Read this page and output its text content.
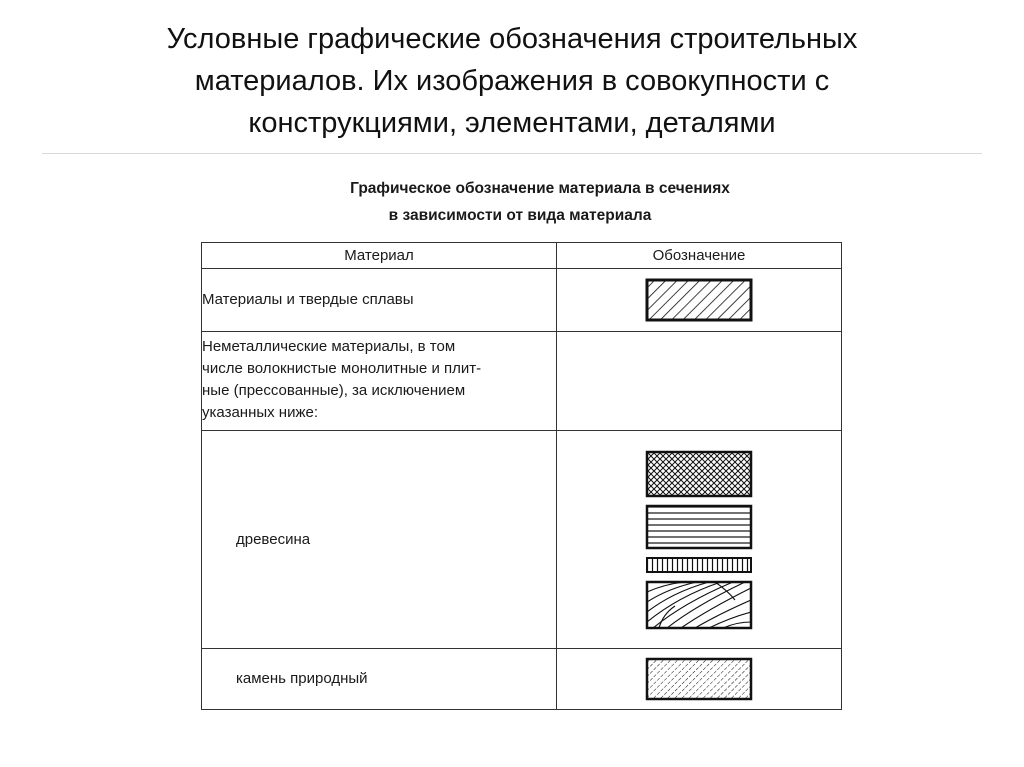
Условные графические обозначения строительных
материалов. Их изображения в совокупности с
конструкциями, элементами, деталями
Графическое обозначение материала в сечениях
в зависимости от вида материала
Материал	Обозначение
Материалы и твердые сплавы	

Неметаллические материалы, в том
числе волокнистые монолитные и плит-
ные (прессованные), за исключением
указанных ниже:	
древесина	

камень природный	
